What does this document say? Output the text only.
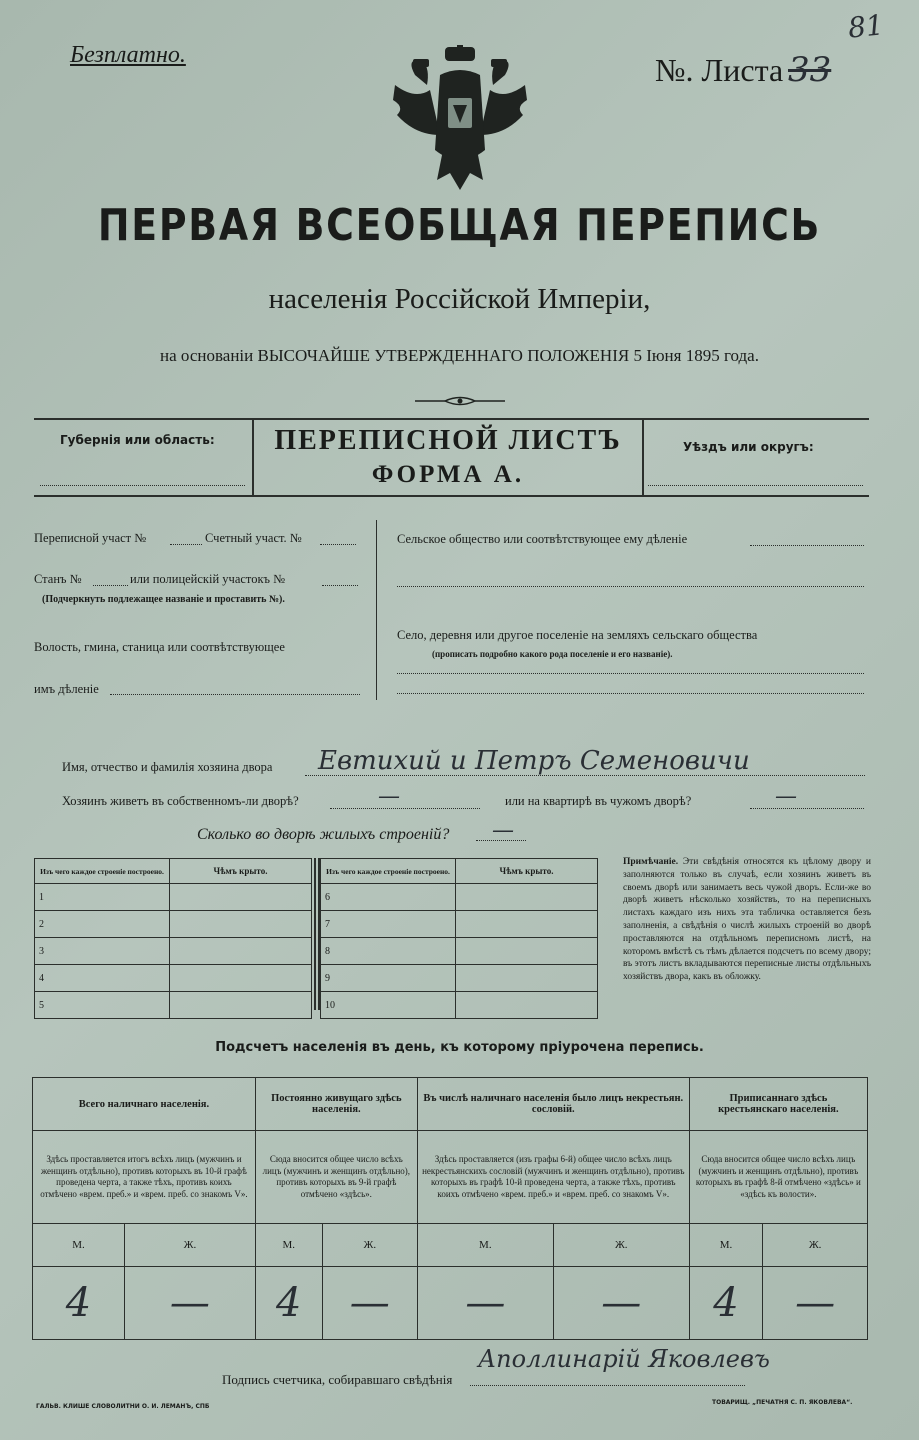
Безплатно.	№. Листа 33
81
ПЕРВАЯ ВСЕОБЩАЯ ПЕРЕПИСЬ
населенія Россійской Имперіи,
на основаніи ВЫСОЧАЙШЕ УТВЕРЖДЕННАГО ПОЛОЖЕНІЯ 5 Іюня 1895 года.
Губернія или область:	ПЕРЕПИСНОЙ ЛИСТЪ
ФОРМА А.
Уѣздъ или округъ:
Переписной участ №	Счетный участ. №
Станъ №	или полицейскій участокъ №
(Подчеркнуть подлежащее названіе и проставить №).
Волость, гмина, станица или соотвѣтствующее
имъ дѣленіе
Сельское общество или соотвѣтствующее ему дѣленіе
Село, деревня или другое поселеніе на земляхъ сельскаго общества
(прописать подробно какого рода поселеніе и его названіе).
Имя, отчество и фамилія хозяина двора Евтихий и Петръ Семеновичи
Хозяинъ живетъ въ собственномъ-ли дворѣ?	—	или на квартирѣ въ чужомъ дворѣ?	—
Сколько во дворѣ жилыхъ строеній? —
Изъ чего каждое строеніе построено.	Чѣмъ крыто.
1	
2	
3	
4	
5	
Изъ чего каждое строеніе построено.	Чѣмъ крыто.
6	
7	
8	
9	
10	
Примѣчаніе. Эти свѣдѣнія относятся къ цѣлому двору и заполняются только въ случаѣ, если хозяинъ живетъ въ своемъ дворѣ или занимаетъ весь чужой дворъ. Если-же во дворѣ живетъ нѣсколько хозяйствъ, то на переписныхъ листахъ каждаго изъ нихъ эта табличка оставляется безъ заполненія, а свѣдѣнія о числѣ жилыхъ строеній во дворѣ проставляются на отдѣльномъ переписномъ листѣ, на которомъ вмѣстѣ съ тѣмъ дѣлается подсчетъ по всему двору; въ этотъ листъ вкладываются переписные листы отдѣльныхъ хозяйствъ двора, какъ въ обложку.
Подсчетъ населенія въ день, къ которому пріурочена перепись.
Всего наличнаго населенія.		Постоянно живущаго здѣсь населенія.		Въ числѣ наличнаго населенія было лицъ некрестьян. сословій.		Приписаннаго здѣсь крестьянскаго населенія.	
Здѣсь проставляется итогъ всѣхъ лицъ (мужчинъ и женщинъ отдѣльно), противъ которыхъ въ 10-й графѣ проведена черта, а также тѣхъ, противъ коихъ отмѣчено «врем. преб.» и «врем. преб. со знакомъ V».		Сюда вносится общее число всѣхъ лицъ (мужчинъ и женщинъ отдѣльно), противъ которыхъ въ 9-й графѣ отмѣчено «здѣсь».		Здѣсь проставляется (изъ графы 6-й) общее число всѣхъ лицъ некрестьянскихъ сословій (мужчинъ и женщинъ отдѣльно), противъ которыхъ въ графѣ 10-й проведена черта, а также тѣхъ, противъ коихъ отмѣчено «врем. преб.» и «врем. преб. со знакомъ V».		Сюда вносится общее число всѣхъ лицъ (мужчинъ и женщинъ отдѣльно), противъ которыхъ въ графѣ 8-й отмѣчено «здѣсь» и «здѣсь къ волости».	
М.	Ж.	М.	Ж.	М.	Ж.	М.	Ж.
4	—	4	—	—	—	4	—
Подпись счетчика, собиравшаго свѣдѣнія
Аполлинарій Яковлевъ
ГАЛЬВ. КЛИШЕ СЛОВОЛИТНИ О. И. ЛЕМАНЪ, СПБ
ТОВАРИЩ. „ПЕЧАТНЯ С. П. ЯКОВЛЕВА“.
